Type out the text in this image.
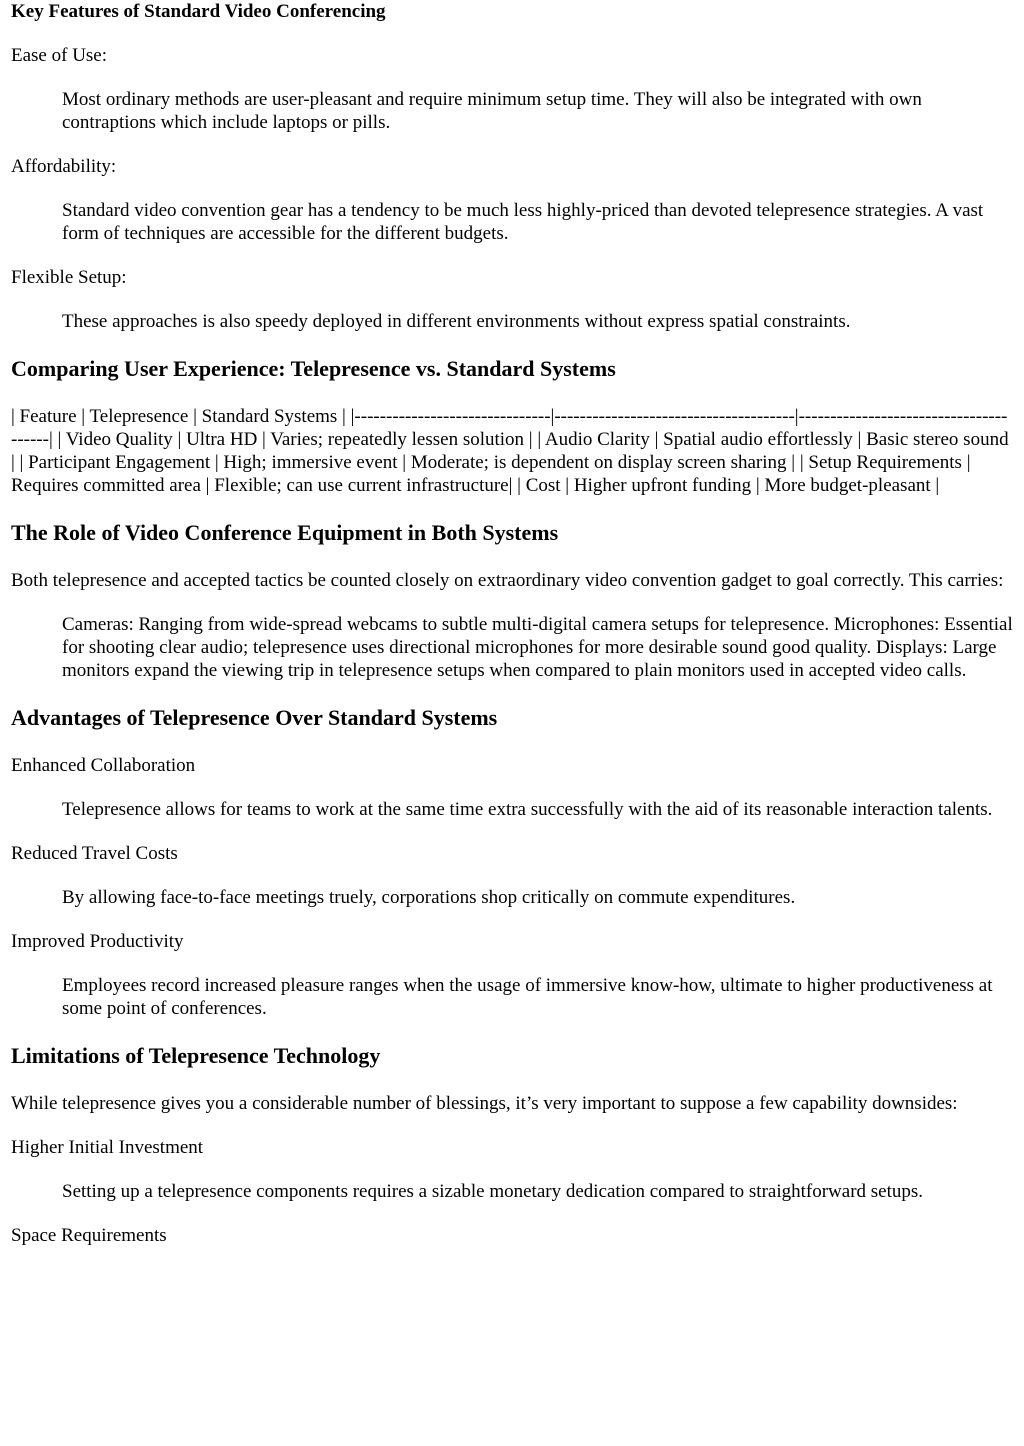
Key Features of Standard Video Conferencing

Ease of Use:

Most ordinary methods are user-pleasant and require minimum setup time. They will also be integrated with own contraptions which include laptops or pills.

Affordability:

Standard video convention gear has a tendency to be much less highly-priced than devoted telepresence strategies. A vast form of techniques are accessible for the different budgets.

Flexible Setup:

These approaches is also speedy deployed in different environments without express spatial constraints.

Comparing User Experience: Telepresence vs. Standard Systems

| Feature | Telepresence | Standard Systems | |-------------------------------|--------------------------------------|---------------------------------------| | Video Quality | Ultra HD | Varies; repeatedly lessen solution | | Audio Clarity | Spatial audio effortlessly | Basic stereo sound | | Participant Engagement | High; immersive event | Moderate; is dependent on display screen sharing | | Setup Requirements | Requires committed area | Flexible; can use current infrastructure| | Cost | Higher upfront funding | More budget-pleasant |

The Role of Video Conference Equipment in Both Systems

Both telepresence and accepted tactics be counted closely on extraordinary video convention gadget to goal correctly. This carries:

Cameras: Ranging from wide-spread webcams to subtle multi-digital camera setups for telepresence. Microphones: Essential for shooting clear audio; telepresence uses directional microphones for more desirable sound good quality. Displays: Large monitors expand the viewing trip in telepresence setups when compared to plain monitors used in accepted video calls.

Advantages of Telepresence Over Standard Systems

Enhanced Collaboration

Telepresence allows for teams to work at the same time extra successfully with the aid of its reasonable interaction talents.

Reduced Travel Costs

By allowing face-to-face meetings truely, corporations shop critically on commute expenditures.

Improved Productivity

Employees record increased pleasure ranges when the usage of immersive know-how, ultimate to higher productiveness at some point of conferences.

Limitations of Telepresence Technology

While telepresence gives you a considerable number of blessings, it’s very important to suppose a few capability downsides:

Higher Initial Investment

Setting up a telepresence components requires a sizable monetary dedication compared to straightforward setups.

Space Requirements
